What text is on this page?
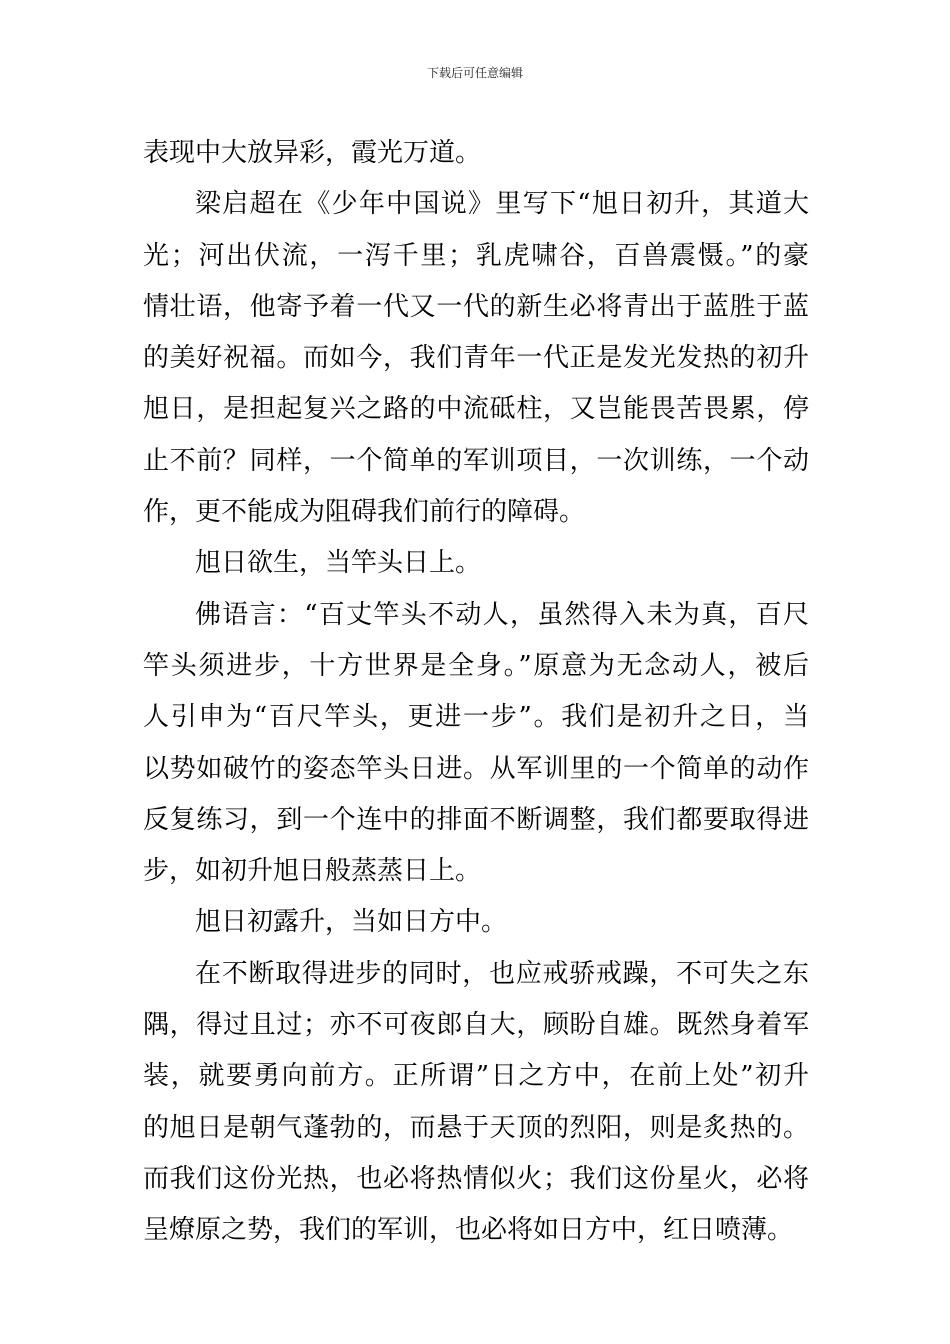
下载后可任意编辑
表现中大放异彩，霞光万道。
梁启超在《少年中国说》里写下“旭日初升，其道大
光；河出伏流，一泻千里；乳虎啸谷，百兽震慑。”的豪
情壮语，他寄予着一代又一代的新生必将青出于蓝胜于蓝
的美好祝福。而如今，我们青年一代正是发光发热的初升
旭日，是担起复兴之路的中流砥柱，又岂能畏苦畏累，停
止不前？同样，一个简单的军训项目，一次训练，一个动
作，更不能成为阻碍我们前行的障碍。
旭日欲生，当竿头日上。
佛语言：“百丈竿头不动人，虽然得入未为真，百尺
竿头须进步，十方世界是全身。”原意为无念动人，被后
人引申为“百尺竿头，更进一步”。我们是初升之日，当
以势如破竹的姿态竿头日进。从军训里的一个简单的动作
反复练习，到一个连中的排面不断调整，我们都要取得进
步，如初升旭日般蒸蒸日上。
旭日初露升，当如日方中。
在不断取得进步的同时，也应戒骄戒躁，不可失之东
隅，得过且过；亦不可夜郎自大，顾盼自雄。既然身着军
装，就要勇向前方。正所谓”日之方中，在前上处”初升
的旭日是朝气蓬勃的，而悬于天顶的烈阳，则是炙热的。
而我们这份光热，也必将热情似火；我们这份星火，必将
呈燎原之势，我们的军训，也必将如日方中，红日喷薄。
